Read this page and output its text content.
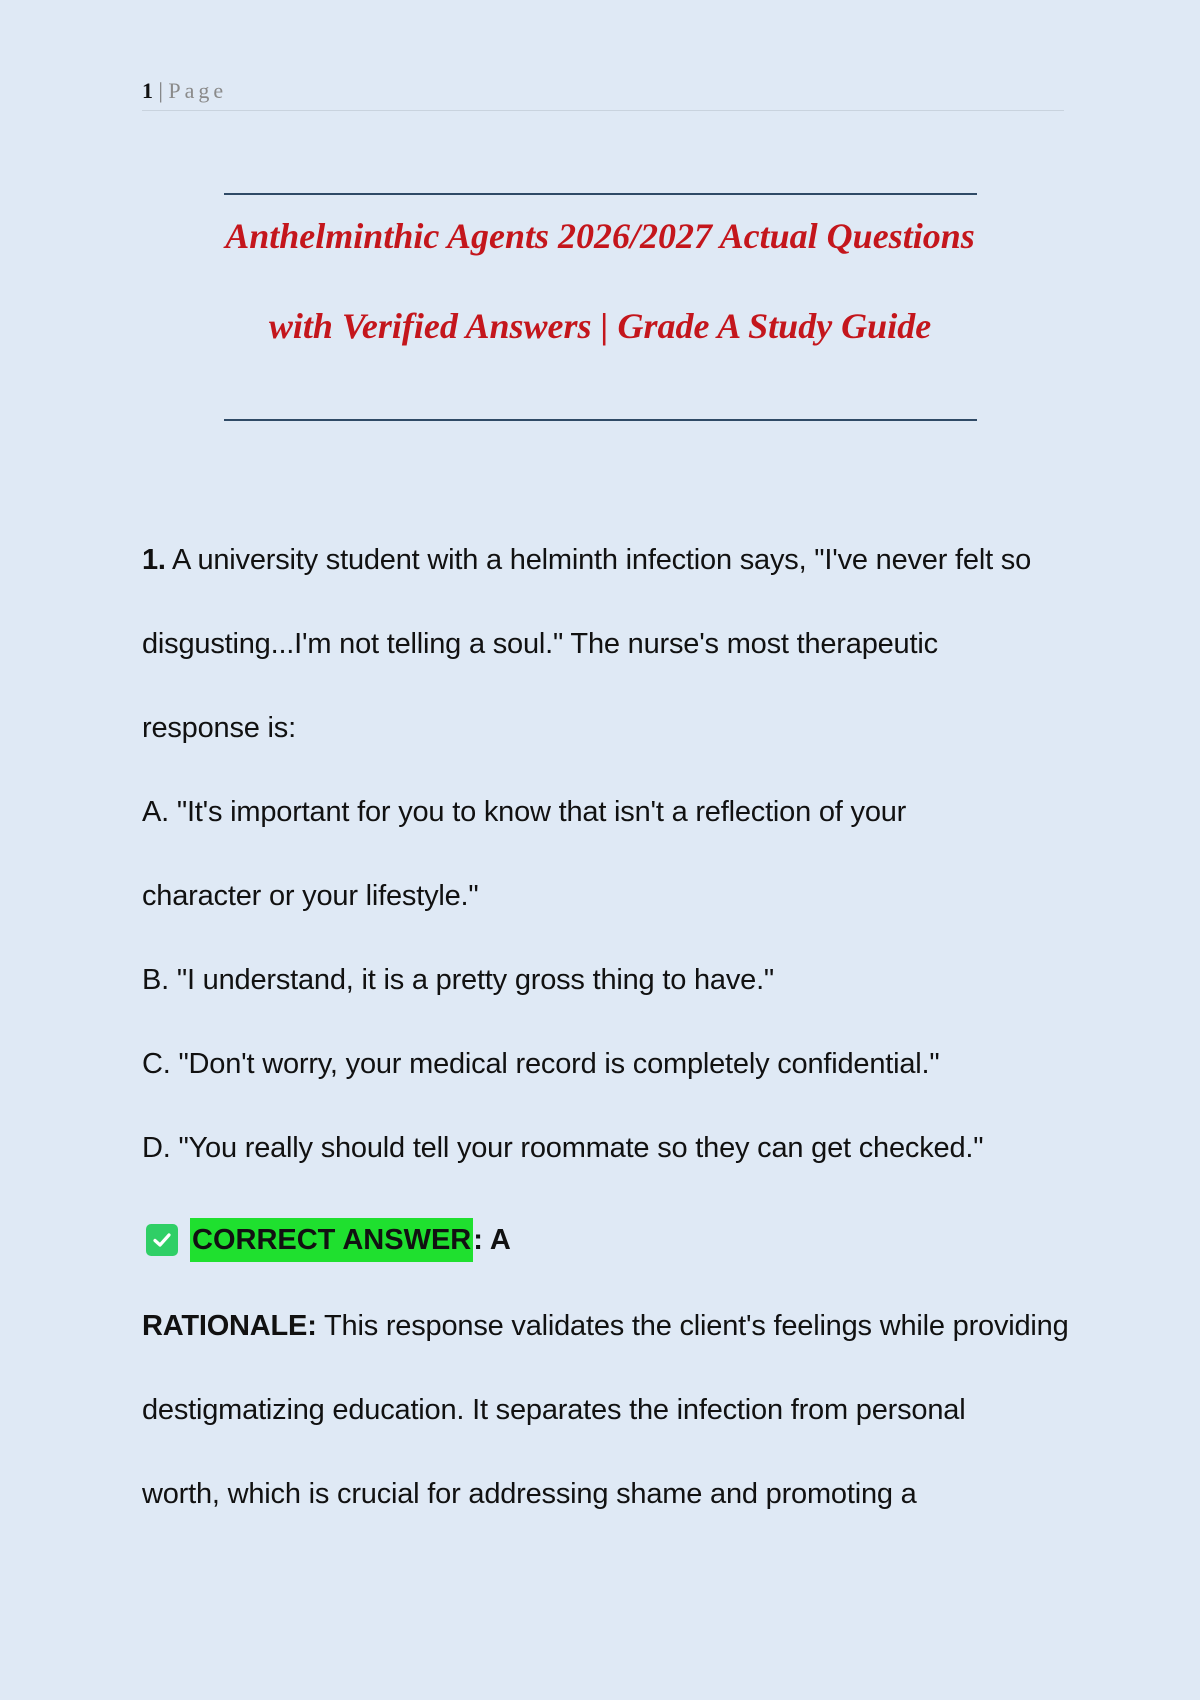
1 | Page
Anthelminthic Agents 2026/2027 Actual Questions
with Verified Answers | Grade A Study Guide
1. A university student with a helminth infection says, "I've never felt so
disgusting...I'm not telling a soul." The nurse's most therapeutic
response is:
A. "It's important for you to know that isn't a reflection of your
character or your lifestyle."
B. "I understand, it is a pretty gross thing to have."
C. "Don't worry, your medical record is completely confidential."
D. "You really should tell your roommate so they can get checked."
CORRECT ANSWER : A
RATIONALE: This response validates the client's feelings while providing
destigmatizing education. It separates the infection from personal
worth, which is crucial for addressing shame and promoting a
